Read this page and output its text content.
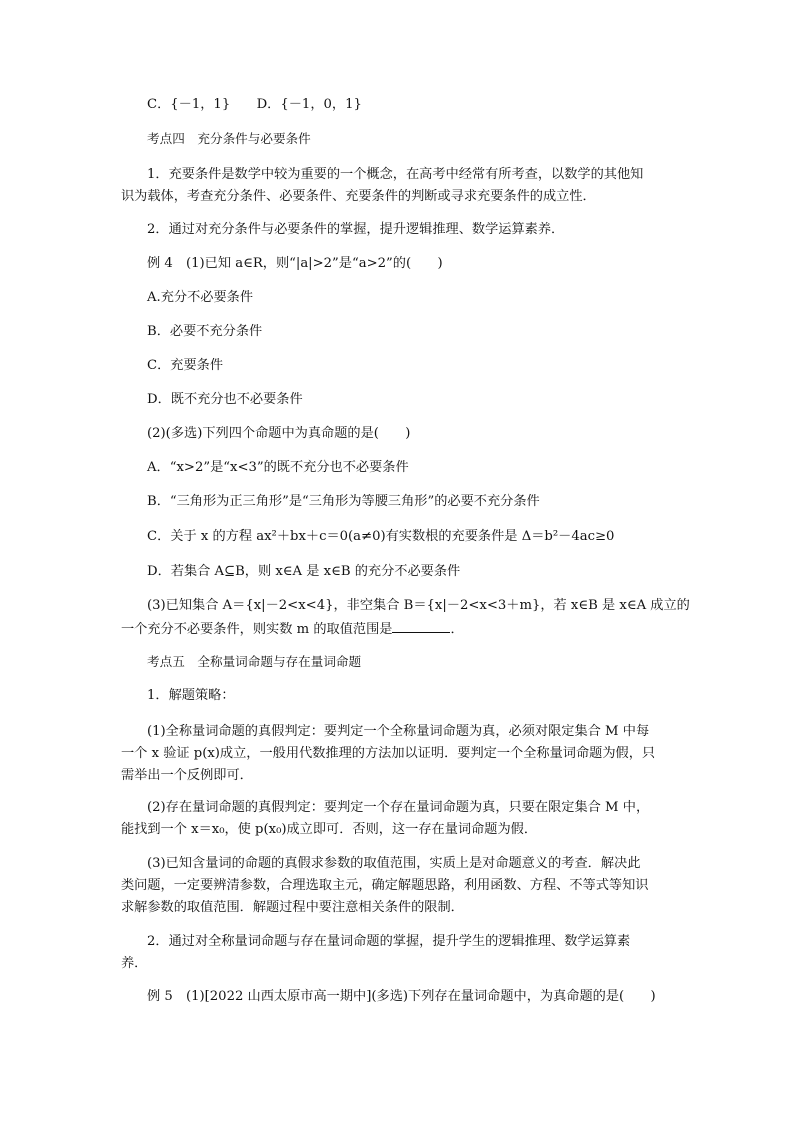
C．{－1，1}　　D．{－1，0，1}
考点四　充分条件与必要条件
1．充要条件是数学中较为重要的一个概念，在高考中经常有所考查，以数学的其他知
识为载体，考查充分条件、必要条件、充要条件的判断或寻求充要条件的成立性．
2．通过对充分条件与必要条件的掌握，提升逻辑推理、数学运算素养．
例 4　(1)已知 a∈R，则“|a|>2”是“a>2”的(　　)
A.充分不必要条件
B．必要不充分条件
C．充要条件
D．既不充分也不必要条件
(2)(多选)下列四个命题中为真命题的是(　　)
A．“x>2”是“x<3”的既不充分也不必要条件
B．“三角形为正三角形”是“三角形为等腰三角形”的必要不充分条件
C．关于 x 的方程 ax²＋bx＋c＝0(a≠0)有实数根的充要条件是 Δ＝b²－4ac≥0
D．若集合 A⊆B，则 x∈A 是 x∈B 的充分不必要条件
(3)已知集合 A＝{x|－2<x<4}，非空集合 B＝{x|－2<x<3＋m}，若 x∈B 是 x∈A 成立的
一个充分不必要条件，则实数 m 的取值范围是	．
考点五　全称量词命题与存在量词命题
1．解题策略：
(1)全称量词命题的真假判定：要判定一个全称量词命题为真，必须对限定集合 M 中每
一个 x 验证 p(x)成立，一般用代数推理的方法加以证明．要判定一个全称量词命题为假，只
需举出一个反例即可．
(2)存在量词命题的真假判定：要判定一个存在量词命题为真，只要在限定集合 M 中，
能找到一个 x＝x₀，使 p(x₀)成立即可．否则，这一存在量词命题为假．
(3)已知含量词的命题的真假求参数的取值范围，实质上是对命题意义的考查．解决此
类问题，一定要辨清参数，合理选取主元，确定解题思路，利用函数、方程、不等式等知识
求解参数的取值范围．解题过程中要注意相关条件的限制．
2．通过对全称量词命题与存在量词命题的掌握，提升学生的逻辑推理、数学运算素
养．
例 5　(1)[2022 山西太原市高一期中](多选)下列存在量词命题中，为真命题的是(　　)
